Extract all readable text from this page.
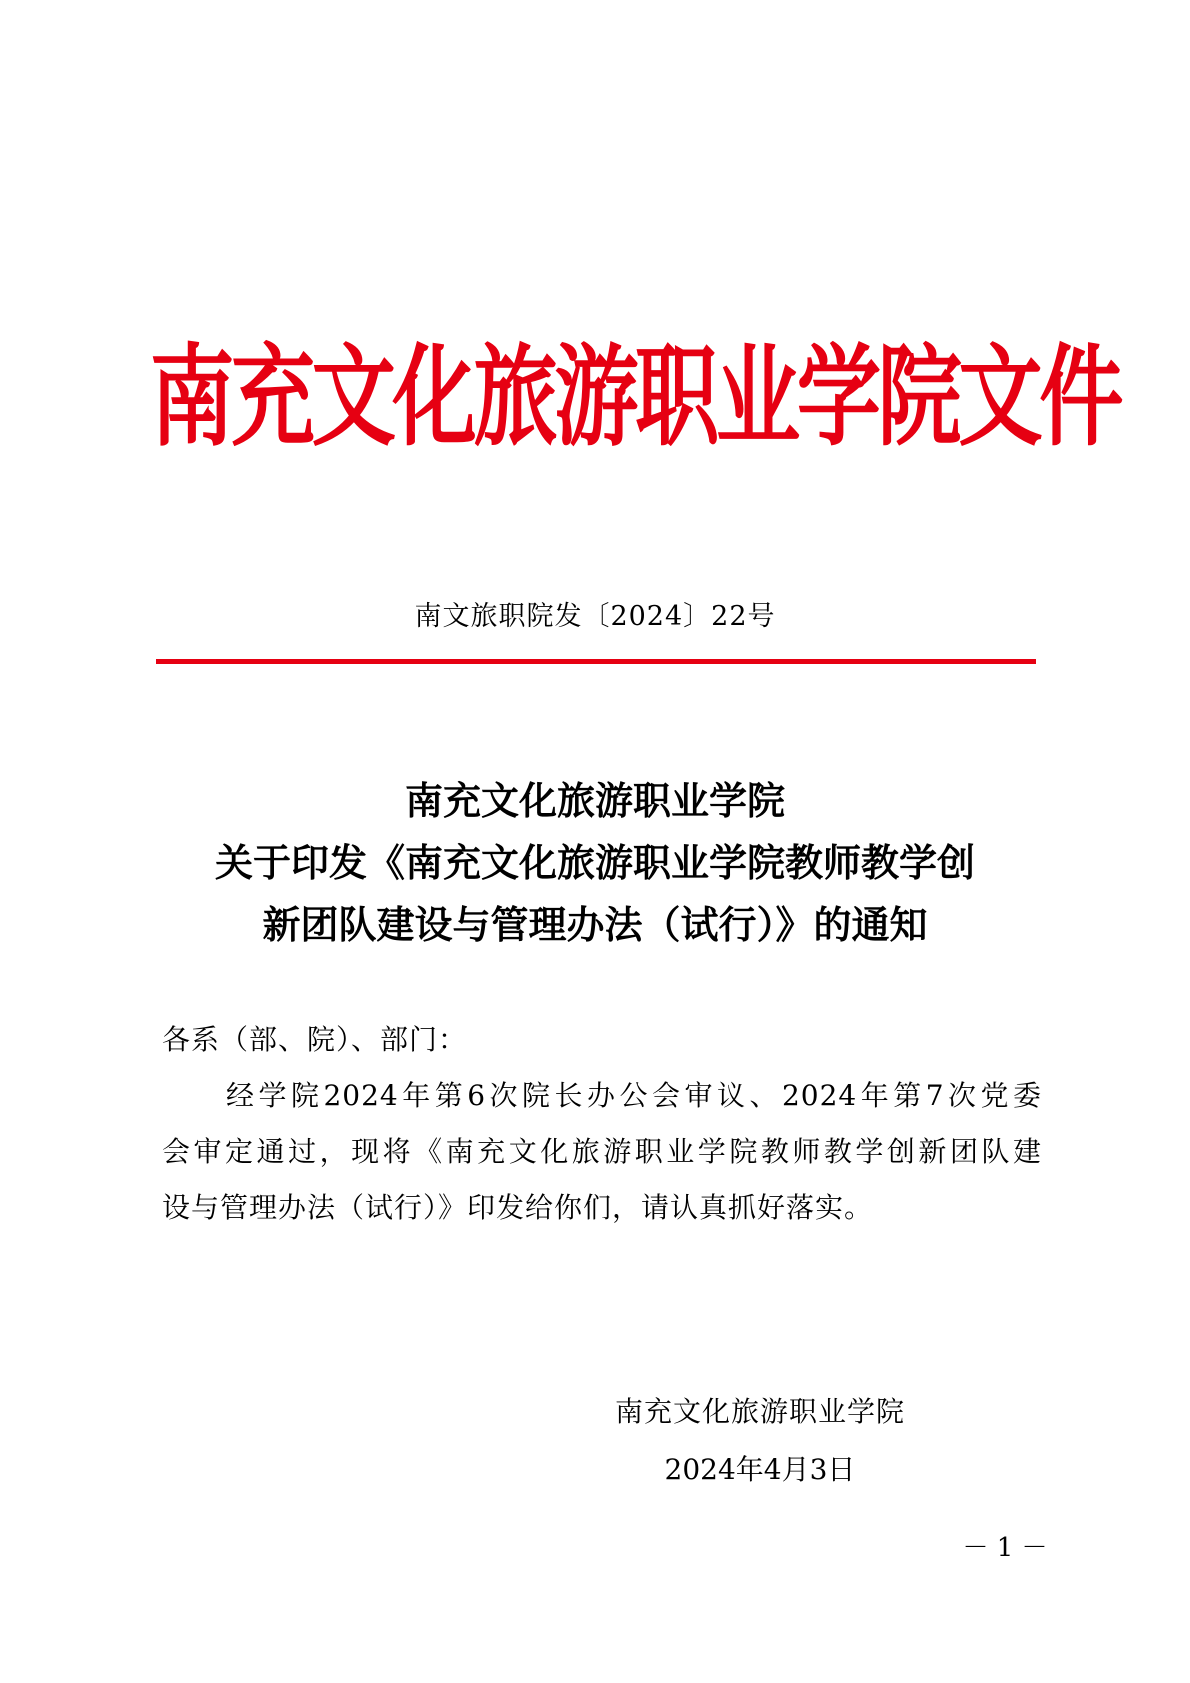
南充文化旅游职业学院文件
南文旅职院发〔2024〕22号
南充文化旅游职业学院
关于印发《南充文化旅游职业学院教师教学创
新团队建设与管理办法（试行）》的通知
各系（部、院）、部门：
经学院2024年第6次院长办公会审议、2024年第7次党委
会审定通过，现将《南充文化旅游职业学院教师教学创新团队建
设与管理办法（试行）》印发给你们，请认真抓好落实。
南充文化旅游职业学院
2024年4月3日
－ 1 －
